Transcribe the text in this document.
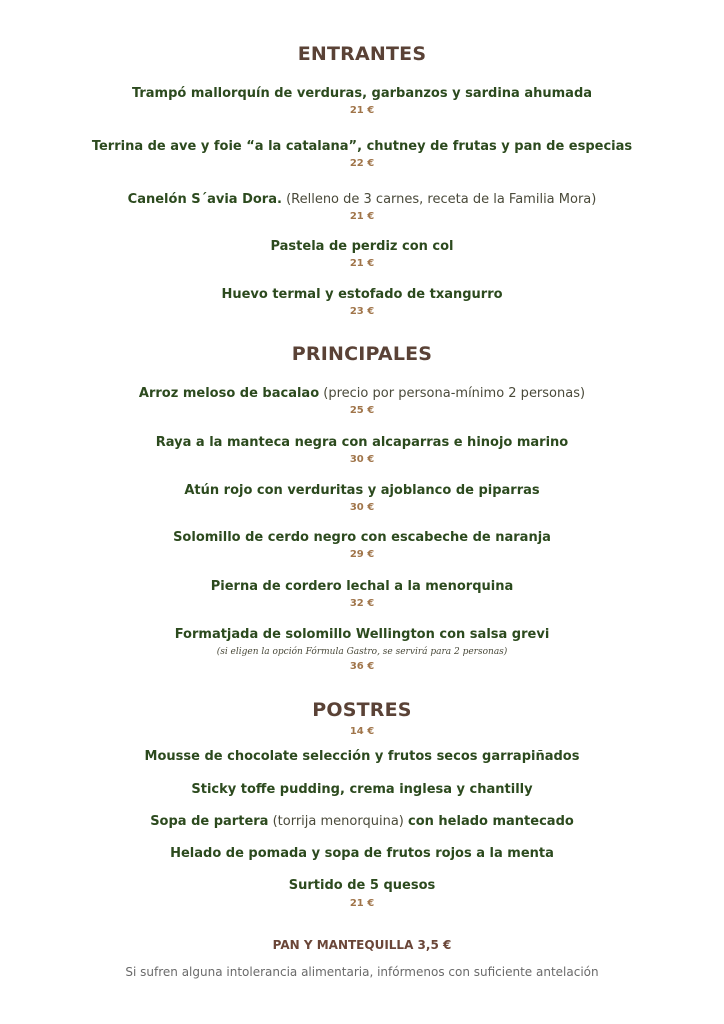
ENTRANTES

Trampó mallorquín de verduras, garbanzos y sardina ahumada

21 €

Terrina de ave y foie “a la catalana”, chutney de frutas y pan de especias

22 €

Canelón S´avia Dora. (Relleno de 3 carnes, receta de la Familia Mora)

21 €

Pastela de perdiz con col

21 €

Huevo termal y estofado de txangurro

23 €

PRINCIPALES

Arroz meloso de bacalao (precio por persona-mínimo 2 personas)

25 €

Raya a la manteca negra con alcaparras e hinojo marino

30 €

Atún rojo con verduritas y ajoblanco de piparras

30 €

Solomillo de cerdo negro con escabeche de naranja

29 €

Pierna de cordero lechal a la menorquina

32 €

Formatjada de solomillo Wellington con salsa grevi

(si eligen la opción Fórmula Gastro, se servirá para 2 personas)

36 €

POSTRES

14 €

Mousse de chocolate selección y frutos secos garrapiñados

Sticky toffe pudding, crema inglesa y chantilly

Sopa de partera (torrija menorquina) con helado mantecado

Helado de pomada y sopa de frutos rojos a la menta

Surtido de 5 quesos

21 €

PAN Y MANTEQUILLA 3,5 €

Si sufren alguna intolerancia alimentaria, infórmenos con suficiente antelación
